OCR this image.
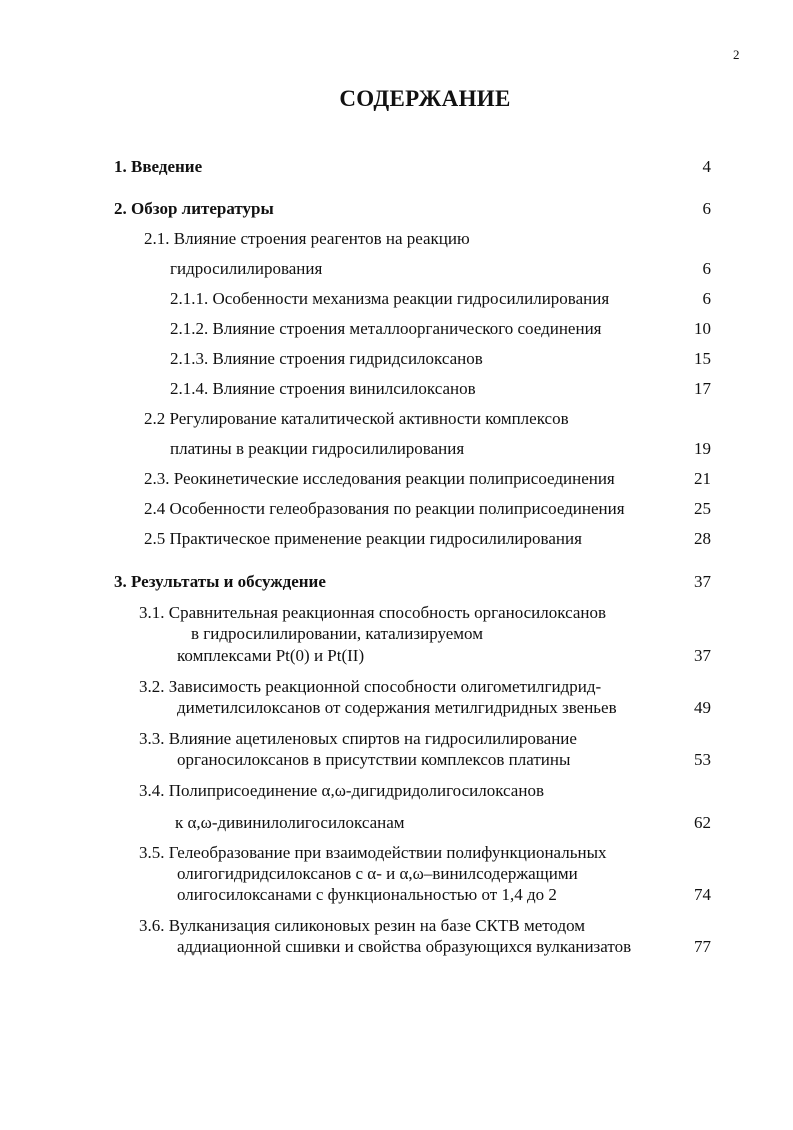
2
СОДЕРЖАНИЕ
1. Введение	4
2. Обзор литературы	6
2.1. Влияние строения реагентов на реакцию
гидросилилирования	6
2.1.1. Особенности механизма реакции гидросилилирования	6
2.1.2. Влияние строения металлоорганического соединения	10
2.1.3. Влияние строения гидридсилоксанов	15
2.1.4. Влияние строения винилсилоксанов	17
2.2 Регулирование каталитической активности комплексов
платины в реакции гидросилилирования	19
2.3. Реокинетические исследования реакции полиприсоединения	21
2.4 Особенности гелеобразования по реакции полиприсоединения	25
2.5 Практическое применение реакции гидросилилирования	28
3. Результаты и обсуждение	37
3.1. Сравнительная реакционная способность органосилоксанов
в гидросилилировании, катализируемом
комплексами Pt(0) и Pt(II)	37
3.2. Зависимость реакционной способности олигометилгидрид-
диметилсилоксанов от содержания метилгидридных звеньев	49
3.3. Влияние ацетиленовых спиртов на гидросилилирование
органосилоксанов в присутствии комплексов платины	53
3.4. Полиприсоединение α,ω-дигидридолигосилоксанов
к α,ω-дивинилолигосилоксанам	62
3.5. Гелеобразование при взаимодействии полифункциональных
олигогидридсилоксанов с α- и α,ω–винилсодержащими
олигосилоксанами с функциональностью от 1,4 до 2	74
3.6. Вулканизация силиконовых резин на базе СКТВ методом
аддиационной сшивки и свойства образующихся вулканизатов	77
